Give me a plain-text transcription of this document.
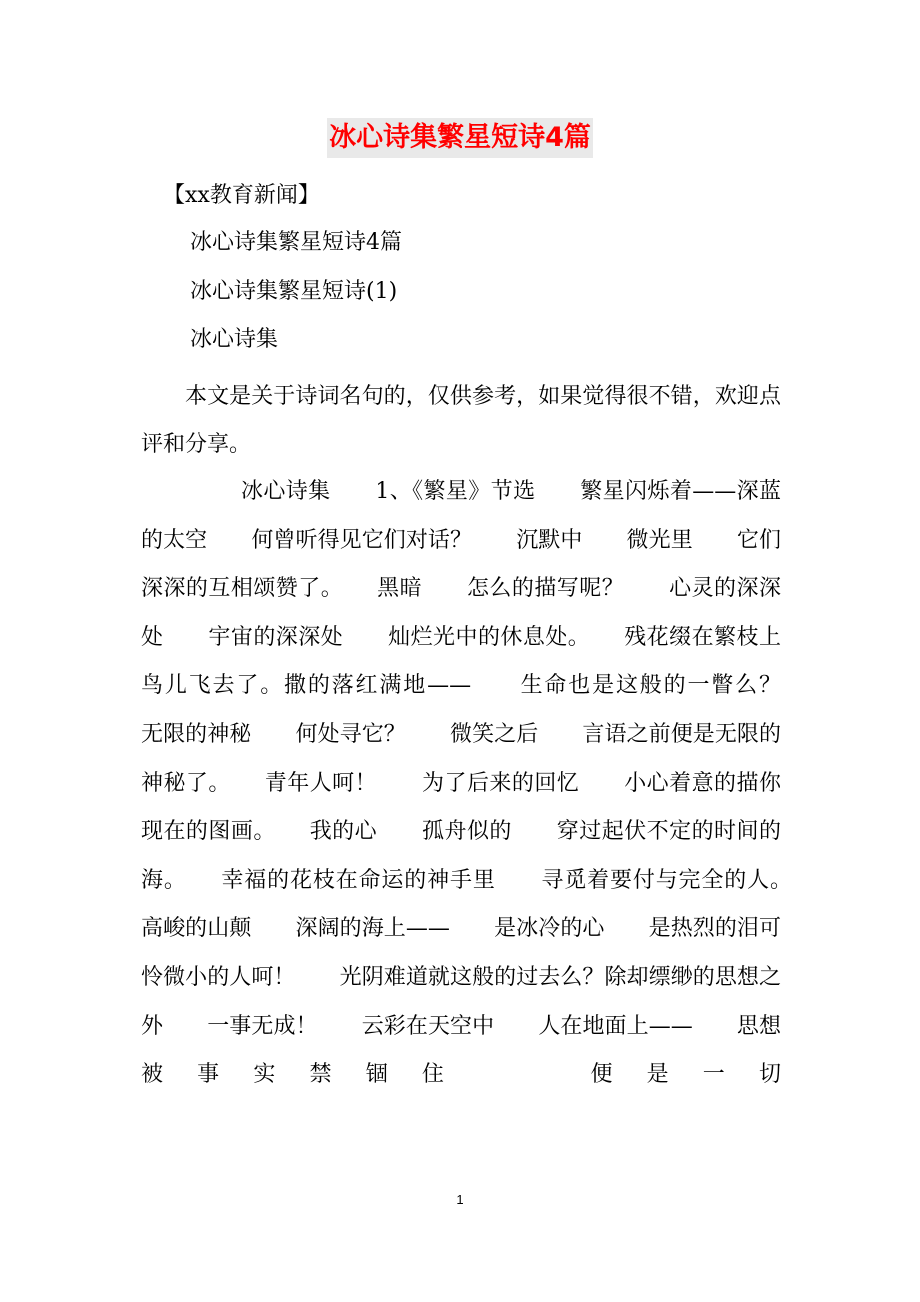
冰心诗集繁星短诗4篇

【xx教育新闻】

冰心诗集繁星短诗4篇

冰心诗集繁星短诗(1)

冰心诗集

本文是关于诗词名句的，仅供参考，如果觉得很不错，欢迎点评和分享。

冰心诗集　　1、《繁星》节选　　繁星闪烁着——深蓝的太空　　何曾听得见它们对话？　　沉默中　　微光里　　它们深深的互相颂赞了。　　黑暗　　怎么的描写呢？　　心灵的深深处　　宇宙的深深处　　灿烂光中的休息处。　　残花缀在繁枝上　　鸟儿飞去了。撒的落红满地——　　生命也是这般的一瞥么？　　无限的神秘　　何处寻它？　　微笑之后　　言语之前便是无限的神秘了。　　青年人呵！　　为了后来的回忆　　小心着意的描你现在的图画。　　我的心　　孤舟似的　　穿过起伏不定的时间的海。　　幸福的花枝在命运的神手里　　寻觅着要付与完全的人。　　高峻的山颠　　深阔的海上——　　是冰冷的心　　是热烈的泪可怜微小的人呵！　　光阴难道就这般的过去么？除却缥缈的思想之外　　一事无成！　　云彩在天空中　　人在地面上——　　思想被事实禁锢住　　便是一切

1
